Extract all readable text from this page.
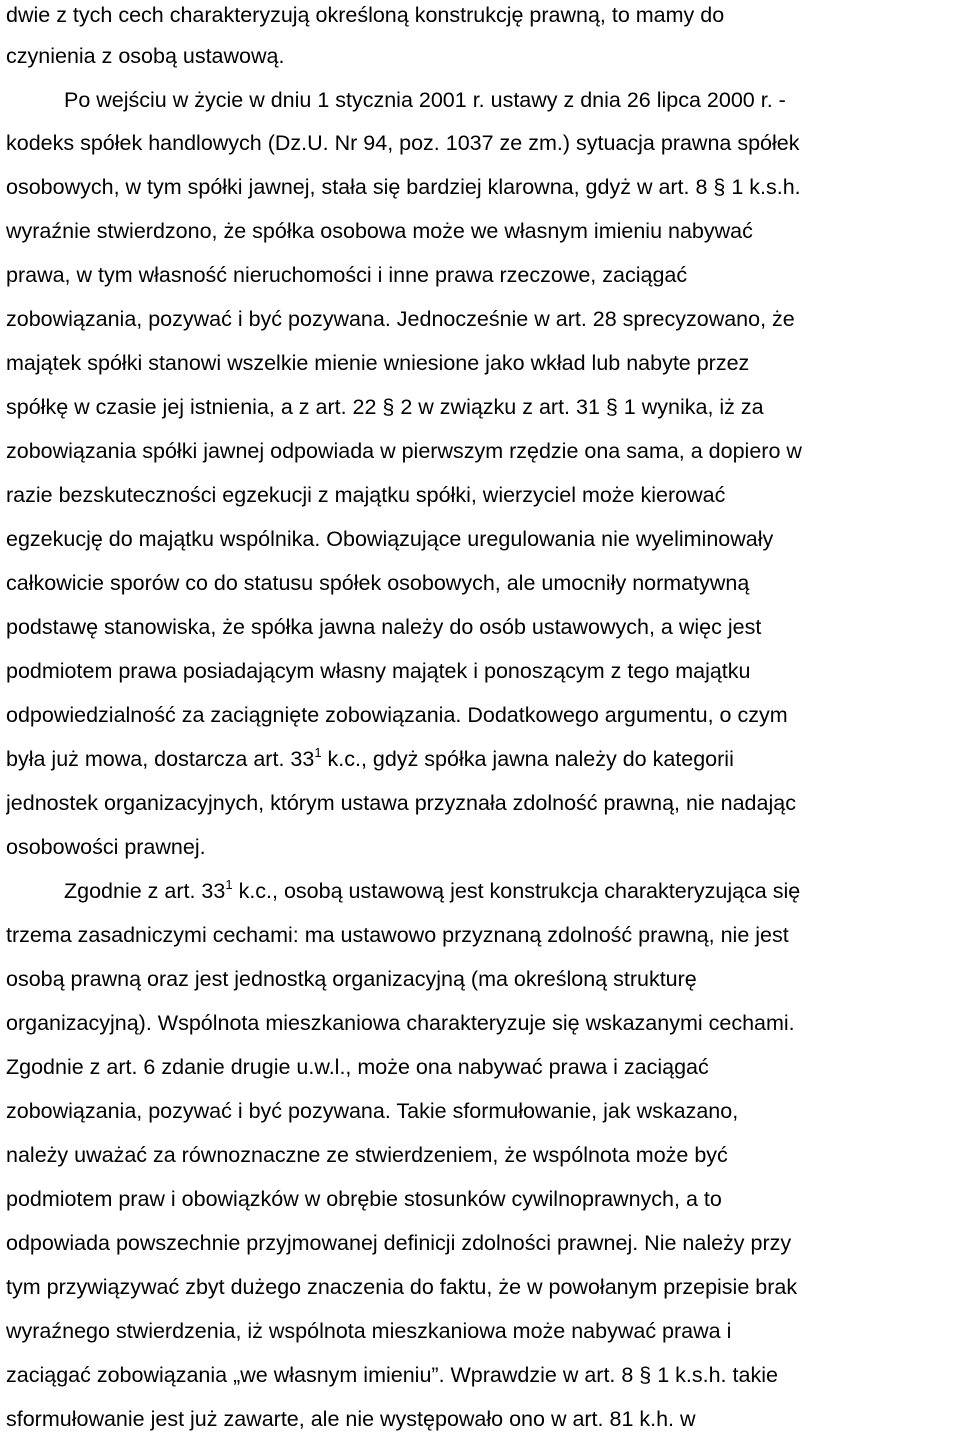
dwie z tych cech charakteryzują określoną konstrukcję prawną, to mamy do
czynienia z osobą ustawową.
Po wejściu w życie w dniu 1 stycznia 2001 r. ustawy z dnia 26 lipca 2000 r. -
kodeks spółek handlowych (Dz.U. Nr 94, poz. 1037 ze zm.) sytuacja prawna spółek
osobowych, w tym spółki jawnej, stała się bardziej klarowna, gdyż w art. 8 § 1 k.s.h.
wyraźnie stwierdzono, że spółka osobowa może we własnym imieniu nabywać
prawa, w tym własność nieruchomości i inne prawa rzeczowe, zaciągać
zobowiązania, pozywać i być pozywana. Jednocześnie w art. 28 sprecyzowano, że
majątek spółki stanowi wszelkie mienie wniesione jako wkład lub nabyte przez
spółkę w czasie jej istnienia, a z art. 22 § 2 w związku z art. 31 § 1 wynika, iż za
zobowiązania spółki jawnej odpowiada w pierwszym rzędzie ona sama, a dopiero w
razie bezskuteczności egzekucji z majątku spółki, wierzyciel może kierować
egzekucję do majątku wspólnika. Obowiązujące uregulowania nie wyeliminowały
całkowicie sporów co do statusu spółek osobowych, ale umocniły normatywną
podstawę stanowiska, że spółka jawna należy do osób ustawowych, a więc jest
podmiotem prawa posiadającym własny majątek i ponoszącym z tego majątku
odpowiedzialność za zaciągnięte zobowiązania. Dodatkowego argumentu, o czym
była już mowa, dostarcza art. $33^1$ k.c., gdyż spółka jawna należy do kategorii
jednostek organizacyjnych, którym ustawa przyznała zdolność prawną, nie nadając
osobowości prawnej.
Zgodnie z art. $33^1$ k.c., osobą ustawową jest konstrukcja charakteryzująca się
trzema zasadniczymi cechami: ma ustawowo przyznaną zdolność prawną, nie jest
osobą prawną oraz jest jednostką organizacyjną (ma określoną strukturę
organizacyjną). Wspólnota mieszkaniowa charakteryzuje się wskazanymi cechami.
Zgodnie z art. 6 zdanie drugie u.w.l., może ona nabywać prawa i zaciągać
zobowiązania, pozywać i być pozywana. Takie sformułowanie, jak wskazano,
należy uważać za równoznaczne ze stwierdzeniem, że wspólnota może być
podmiotem praw i obowiązków w obrębie stosunków cywilnoprawnych, a to
odpowiada powszechnie przyjmowanej definicji zdolności prawnej. Nie należy przy
tym przywiązywać zbyt dużego znaczenia do faktu, że w powołanym przepisie brak
wyraźnego stwierdzenia, iż wspólnota mieszkaniowa może nabywać prawa i
zaciągać zobowiązania „we własnym imieniu”. Wprawdzie w art. 8 § 1 k.s.h. takie
sformułowanie jest już zawarte, ale nie występowało ono w art. 81 k.h. w
